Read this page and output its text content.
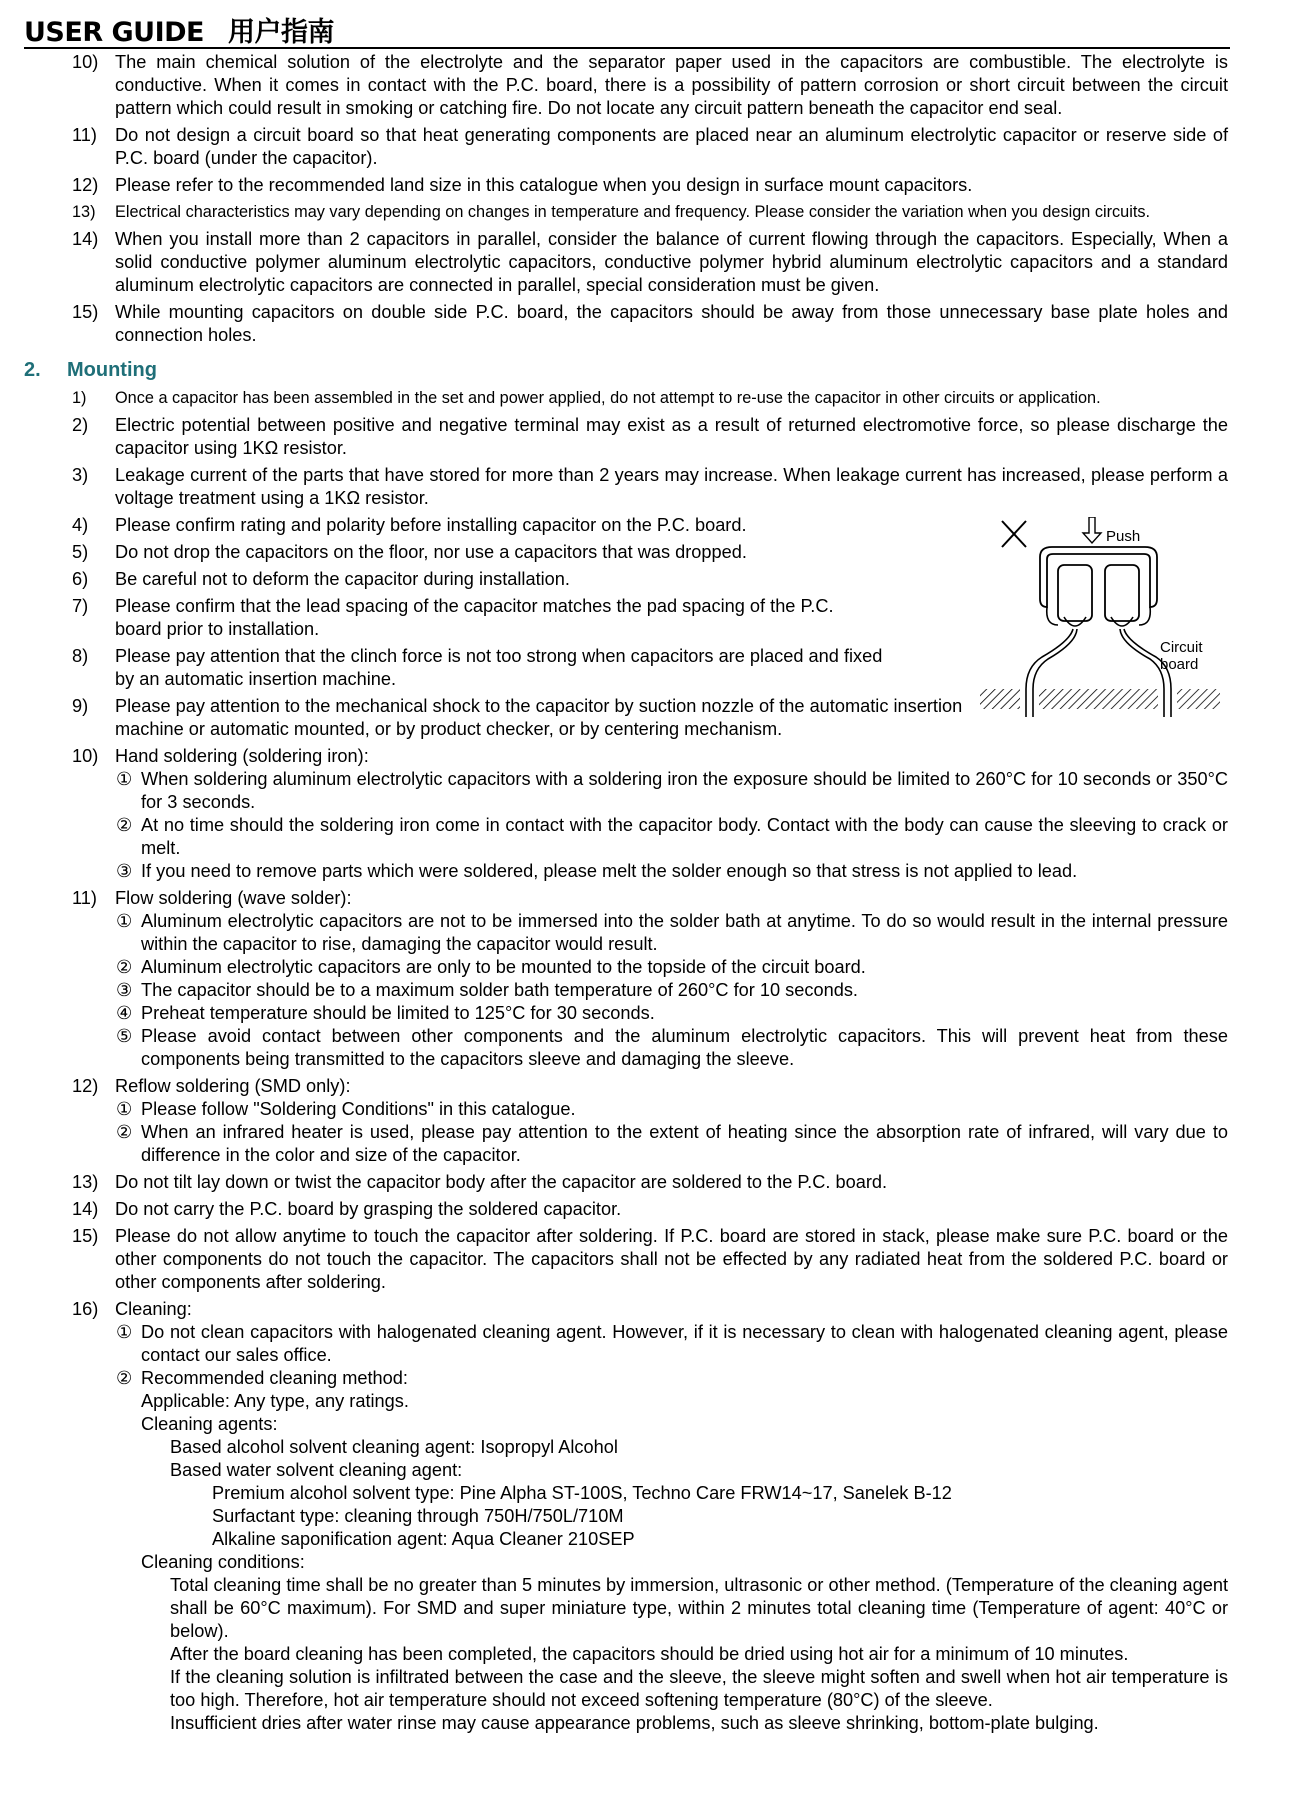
USER GUIDE 用户指南
10) The main chemical solution of the electrolyte and the separator paper used in the capacitors are combustible. The electrolyte is conductive. When it comes in contact with the P.C. board, there is a possibility of pattern corrosion or short circuit between the circuit pattern which could result in smoking or catching fire. Do not locate any circuit pattern beneath the capacitor end seal.
11) Do not design a circuit board so that heat generating components are placed near an aluminum electrolytic capacitor or reserve side of P.C. board (under the capacitor).
12) Please refer to the recommended land size in this catalogue when you design in surface mount capacitors.
13)	Electrical characteristics may vary depending on changes in temperature and frequency. Please consider the variation when you design circuits.
14) When you install more than 2 capacitors in parallel, consider the balance of current flowing through the capacitors. Especially, When a solid conductive polymer aluminum electrolytic capacitors, conductive polymer hybrid aluminum electrolytic capacitors and a standard aluminum electrolytic capacitors are connected in parallel, special consideration must be given.
15) While mounting capacitors on double side P.C. board, the capacitors should be away from those unnecessary base plate holes and connection holes.
2. Mounting
1)	Once a capacitor has been assembled in the set and power applied, do not attempt to re-use the capacitor in other circuits or application.
2)	Electric potential between positive and negative terminal may exist as a result of returned electromotive force, so please discharge the capacitor using 1KΩ resistor.
3)	Leakage current of the parts that have stored for more than 2 years may increase. When leakage current has increased, please perform a voltage treatment using a 1KΩ resistor.
4)	Please confirm rating and polarity before installing capacitor on the P.C. board.
5)	Do not drop the capacitors on the floor, nor use a capacitors that was dropped.
6)	Be careful not to deform the capacitor during installation.
7)	Please confirm that the lead spacing of the capacitor matches the pad spacing of the P.C. board prior to installation.
8)	Please pay attention that the clinch force is not too strong when capacitors are placed and fixed by an automatic insertion machine.
9)	Please pay attention to the mechanical shock to the capacitor by suction nozzle of the automatic insertion machine or automatic mounted, or by product checker, or by centering mechanism.
10) Hand soldering (soldering iron):
① When soldering aluminum electrolytic capacitors with a soldering iron the exposure should be limited to 260°C for 10 seconds or 350°C for 3 seconds.
② At no time should the soldering iron come in contact with the capacitor body. Contact with the body can cause the sleeving to crack or melt.
③ If you need to remove parts which were soldered, please melt the solder enough so that stress is not applied to lead.
11) Flow soldering (wave solder):
① Aluminum electrolytic capacitors are not to be immersed into the solder bath at anytime. To do so would result in the internal pressure within the capacitor to rise, damaging the capacitor would result.
② Aluminum electrolytic capacitors are only to be mounted to the topside of the circuit board.
③ The capacitor should be to a maximum solder bath temperature of 260°C for 10 seconds.
④ Preheat temperature should be limited to 125°C for 30 seconds.
⑤ Please avoid contact between other components and the aluminum electrolytic capacitors. This will prevent heat from these components being transmitted to the capacitors sleeve and damaging the sleeve.
12) Reflow soldering (SMD only):
① Please follow "Soldering Conditions" in this catalogue.
② When an infrared heater is used, please pay attention to the extent of heating since the absorption rate of infrared, will vary due to difference in the color and size of the capacitor.
13) Do not tilt lay down or twist the capacitor body after the capacitor are soldered to the P.C. board.
14) Do not carry the P.C. board by grasping the soldered capacitor.
15) Please do not allow anytime to touch the capacitor after soldering. If P.C. board are stored in stack, please make sure P.C. board or the other components do not touch the capacitor. The capacitors shall not be effected by any radiated heat from the soldered P.C. board or other components after soldering.
16) Cleaning:
① Do not clean capacitors with halogenated cleaning agent. However, if it is necessary to clean with halogenated cleaning agent, please contact our sales office.
② Recommended cleaning method:
Applicable: Any type, any ratings.
Cleaning agents:
Based alcohol solvent cleaning agent: Isopropyl Alcohol
Based water solvent cleaning agent:
Premium alcohol solvent type: Pine Alpha ST-100S, Techno Care FRW14~17, Sanelek B-12
Surfactant type: cleaning through 750H/750L/710M
Alkaline saponification agent: Aqua Cleaner 210SEP
Cleaning conditions:
Total cleaning time shall be no greater than 5 minutes by immersion, ultrasonic or other method. (Temperature of the cleaning agent shall be 60°C maximum). For SMD and super miniature type, within 2 minutes total cleaning time (Temperature of agent: 40°C or below).
After the board cleaning has been completed, the capacitors should be dried using hot air for a minimum of 10 minutes.
If the cleaning solution is infiltrated between the case and the sleeve, the sleeve might soften and swell when hot air temperature is too high. Therefore, hot air temperature should not exceed softening temperature (80°C) of the sleeve.
Insufficient dries after water rinse may cause appearance problems, such as sleeve shrinking, bottom-plate bulging.
Push
Circuit
board
